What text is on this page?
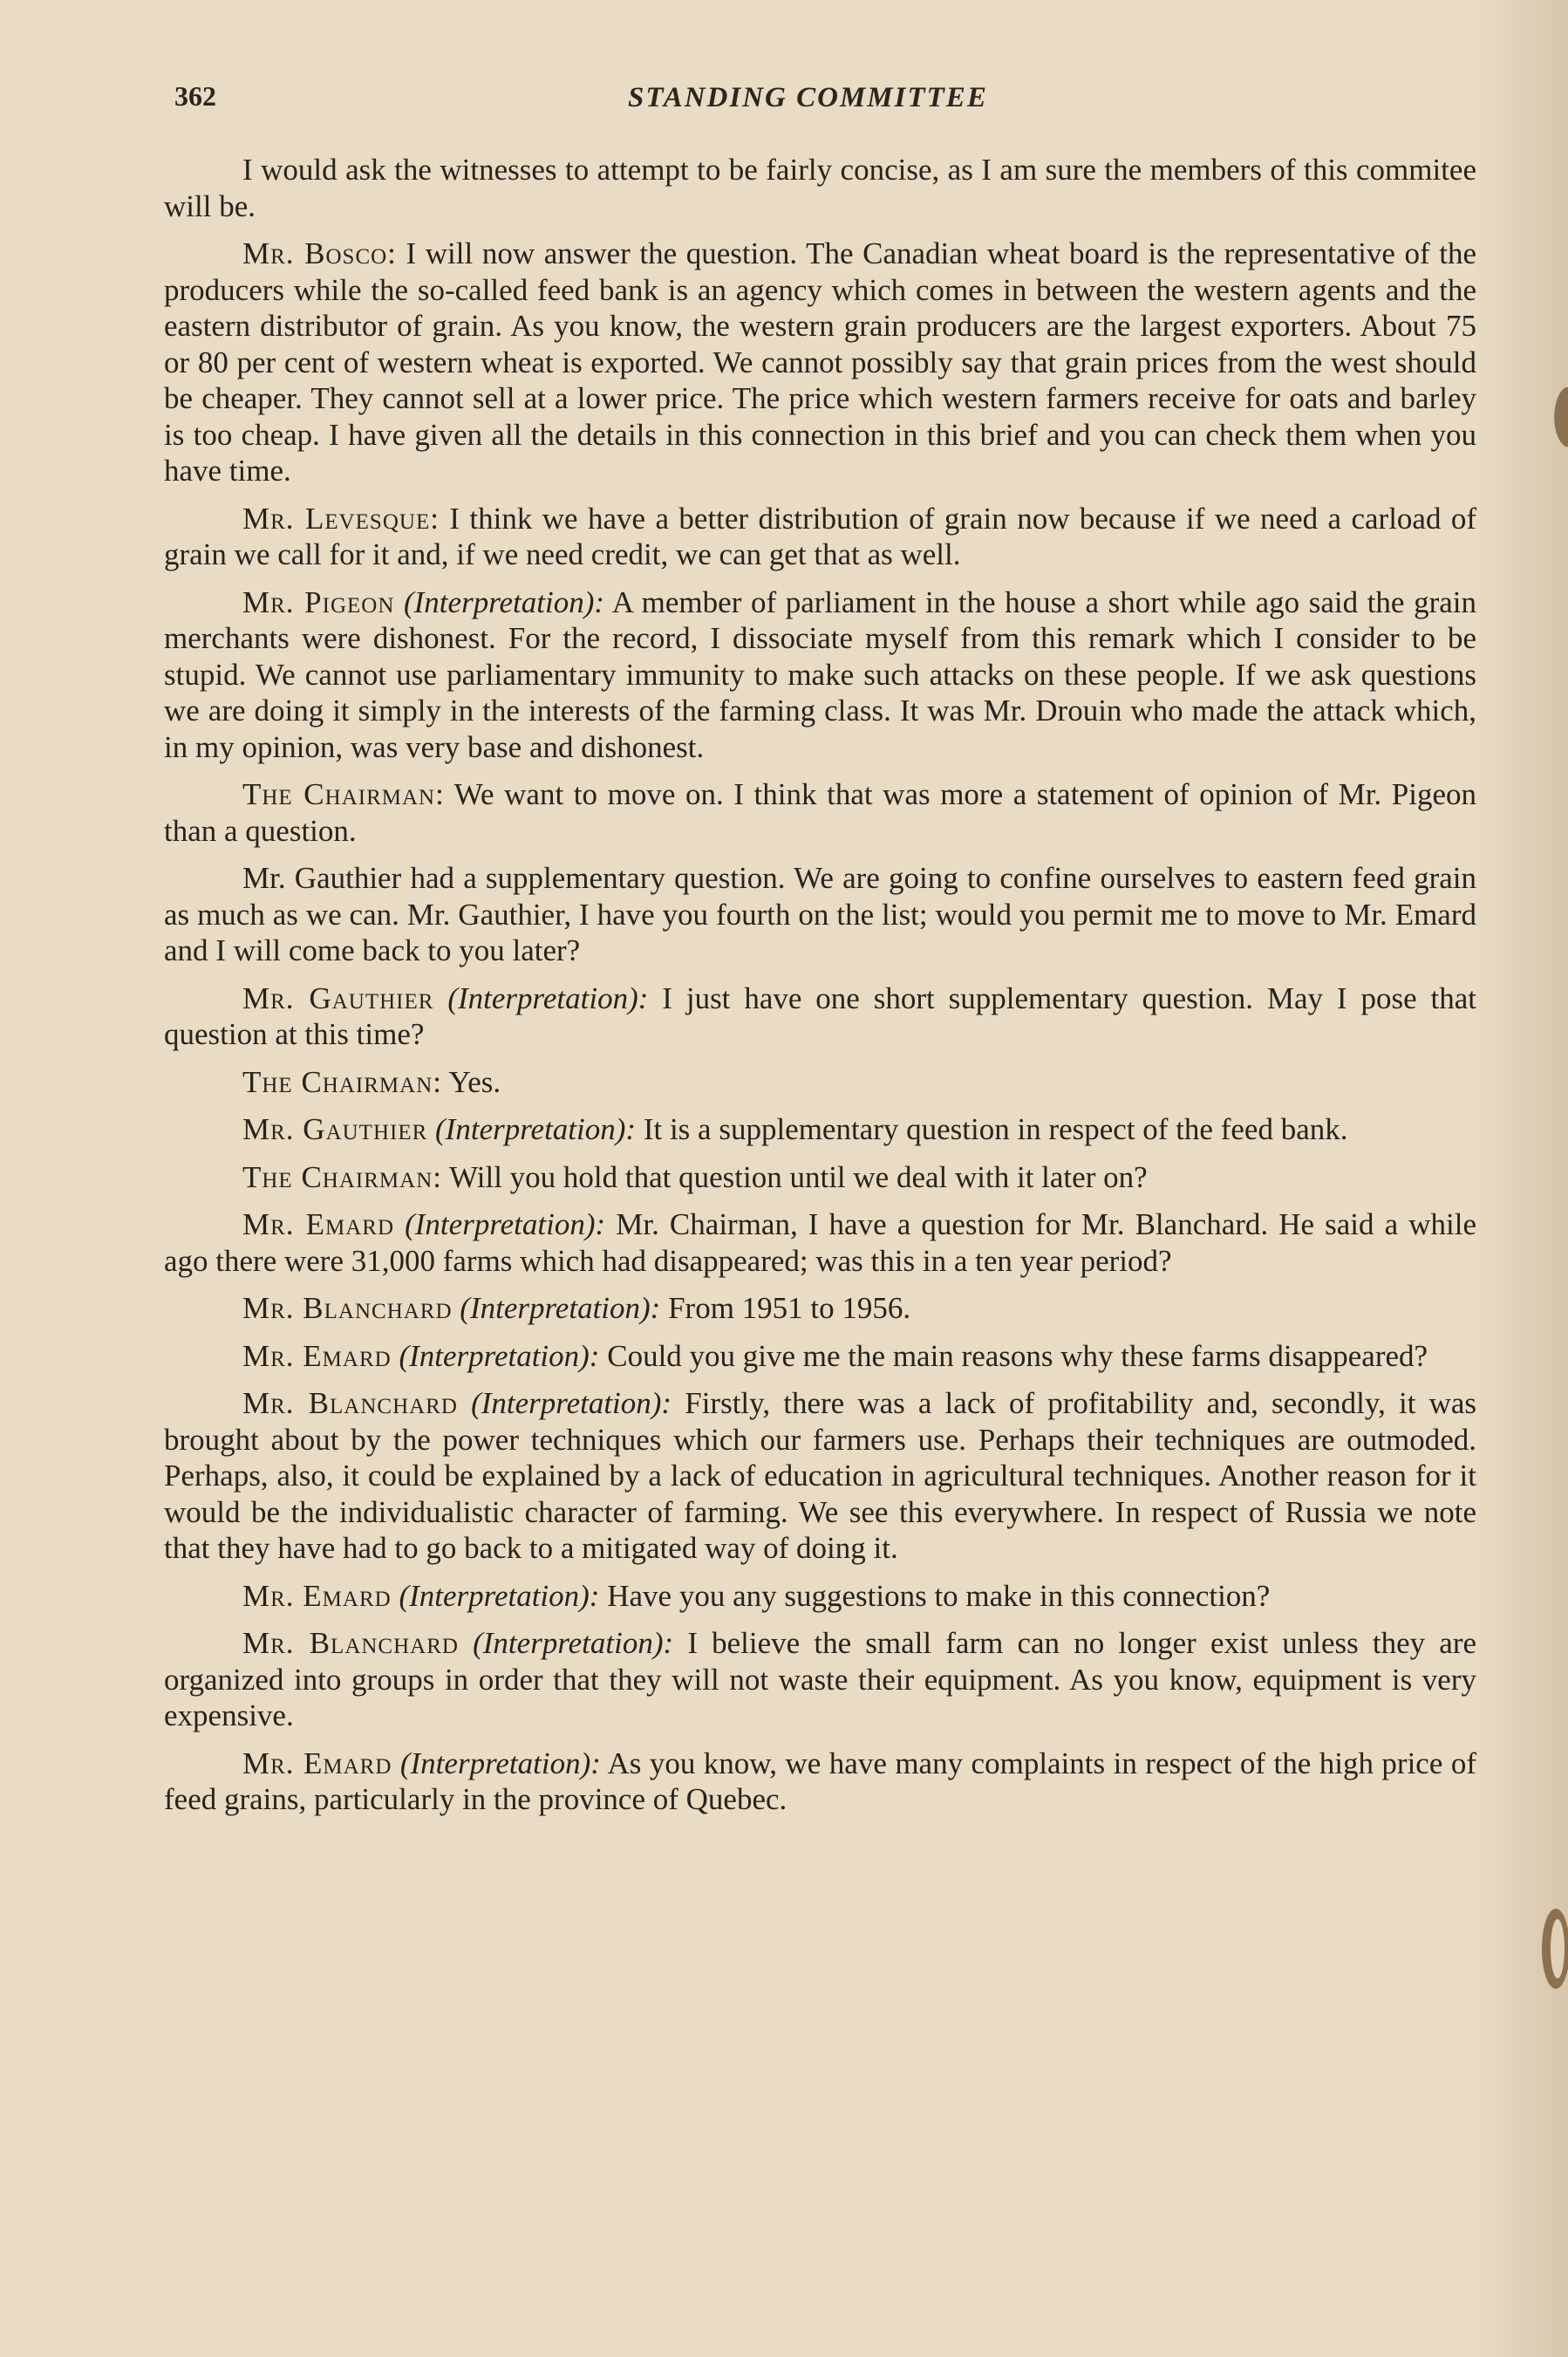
362	STANDING COMMITTEE

I would ask the witnesses to attempt to be fairly concise, as I am sure the members of this commitee will be.

Mr. Bosco: I will now answer the question. The Canadian wheat board is the representative of the producers while the so-called feed bank is an agency which comes in between the western agents and the eastern distributor of grain. As you know, the western grain producers are the largest exporters. About 75 or 80 per cent of western wheat is exported. We cannot possibly say that grain prices from the west should be cheaper. They cannot sell at a lower price. The price which western farmers receive for oats and barley is too cheap. I have given all the details in this connection in this brief and you can check them when you have time.

Mr. Levesque: I think we have a better distribution of grain now because if we need a carload of grain we call for it and, if we need credit, we can get that as well.

Mr. Pigeon (Interpretation): A member of parliament in the house a short while ago said the grain merchants were dishonest. For the record, I dissociate myself from this remark which I consider to be stupid. We cannot use parliamentary immunity to make such attacks on these people. If we ask questions we are doing it simply in the interests of the farming class. It was Mr. Drouin who made the attack which, in my opinion, was very base and dishonest.

The Chairman: We want to move on. I think that was more a statement of opinion of Mr. Pigeon than a question.

Mr. Gauthier had a supplementary question. We are going to confine ourselves to eastern feed grain as much as we can. Mr. Gauthier, I have you fourth on the list; would you permit me to move to Mr. Emard and I will come back to you later?

Mr. Gauthier (Interpretation): I just have one short supplementary question. May I pose that question at this time?

The Chairman: Yes.

Mr. Gauthier (Interpretation): It is a supplementary question in respect of the feed bank.

The Chairman: Will you hold that question until we deal with it later on?

Mr. Emard (Interpretation): Mr. Chairman, I have a question for Mr. Blanchard. He said a while ago there were 31,000 farms which had disappeared; was this in a ten year period?

Mr. Blanchard (Interpretation): From 1951 to 1956.

Mr. Emard (Interpretation): Could you give me the main reasons why these farms disappeared?

Mr. Blanchard (Interpretation): Firstly, there was a lack of profitability and, secondly, it was brought about by the power techniques which our farmers use. Perhaps their techniques are outmoded. Perhaps, also, it could be explained by a lack of education in agricultural techniques. Another reason for it would be the individualistic character of farming. We see this everywhere. In respect of Russia we note that they have had to go back to a mitigated way of doing it.

Mr. Emard (Interpretation): Have you any suggestions to make in this connection?

Mr. Blanchard (Interpretation): I believe the small farm can no longer exist unless they are organized into groups in order that they will not waste their equipment. As you know, equipment is very expensive.

Mr. Emard (Interpretation): As you know, we have many complaints in respect of the high price of feed grains, particularly in the province of Quebec.
